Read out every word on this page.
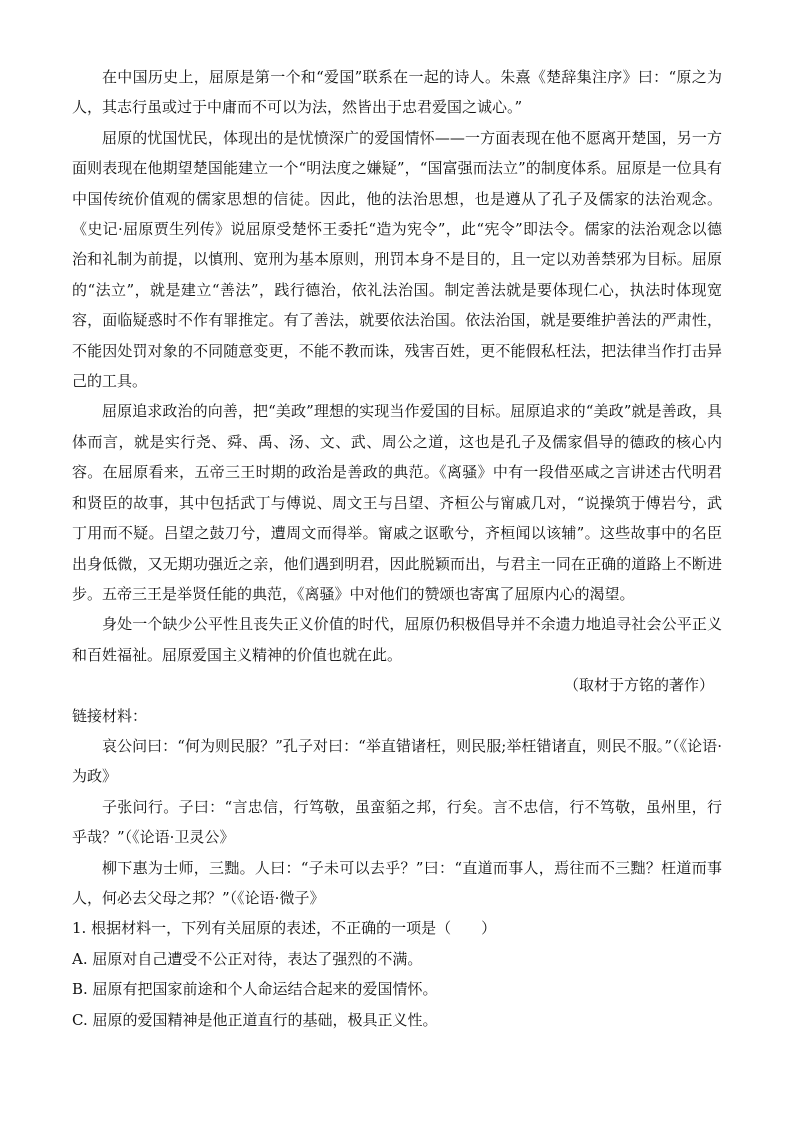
在中国历史上，屈原是第一个和“爱国”联系在一起的诗人。朱熹《楚辞集注序》曰：“原之为人，其志行虽或过于中庸而不可以为法，然皆出于忠君爱国之诚心。”

屈原的忧国忧民，体现出的是忧愤深广的爱国情怀——一方面表现在他不愿离开楚国，另一方面则表现在他期望楚国能建立一个“明法度之嫌疑”，“国富强而法立”的制度体系。屈原是一位具有中国传统价值观的儒家思想的信徒。因此，他的法治思想，也是遵从了孔子及儒家的法治观念。《史记·屈原贾生列传》说屈原受楚怀王委托“造为宪令”，此“宪令”即法令。儒家的法治观念以德治和礼制为前提，以慎刑、宽刑为基本原则，刑罚本身不是目的，且一定以劝善禁邪为目标。屈原的“法立”，就是建立“善法”，践行德治，依礼法治国。制定善法就是要体现仁心，执法时体现宽容，面临疑惑时不作有罪推定。有了善法，就要依法治国。依法治国，就是要维护善法的严肃性，不能因处罚对象的不同随意变更，不能不教而诛，残害百姓，更不能假私枉法，把法律当作打击异己的工具。

屈原追求政治的向善，把“美政”理想的实现当作爱国的目标。屈原追求的“美政”就是善政，具体而言，就是实行尧、舜、禹、汤、文、武、周公之道，这也是孔子及儒家倡导的德政的核心内容。在屈原看来，五帝三王时期的政治是善政的典范。《离骚》中有一段借巫咸之言讲述古代明君和贤臣的故事，其中包括武丁与傅说、周文王与吕望、齐桓公与甯戚几对，“说操筑于傅岩兮，武丁用而不疑。吕望之鼓刀兮，遭周文而得举。甯戚之讴歌兮，齐桓闻以该辅”。这些故事中的名臣出身低微，又无期功强近之亲，他们遇到明君，因此脱颖而出，与君主一同在正确的道路上不断进步。五帝三王是举贤任能的典范，《离骚》中对他们的赞颂也寄寓了屈原内心的渴望。

身处一个缺少公平性且丧失正义价值的时代，屈原仍积极倡导并不余遗力地追寻社会公平正义和百姓福祉。屈原爱国主义精神的价值也就在此。

（取材于方铭的著作）

链接材料：

哀公问曰：“何为则民服？”孔子对曰：“举直错诸枉，则民服;举枉错诸直，则民不服。”（《论语·为政》

子张问行。子曰：“言忠信，行笃敬，虽蛮貊之邦，行矣。言不忠信，行不笃敬，虽州里，行乎哉？”（《论语·卫灵公》

柳下惠为士师，三黜。人曰：“子未可以去乎？”曰：“直道而事人，焉往而不三黜？枉道而事人，何必去父母之邦？”（《论语·微子》

1. 根据材料一，下列有关屈原的表述，不正确的一项是（　　）

A. 屈原对自己遭受不公正对待，表达了强烈的不满。

B. 屈原有把国家前途和个人命运结合起来的爱国情怀。

C. 屈原的爱国精神是他正道直行的基础，极具正义性。
